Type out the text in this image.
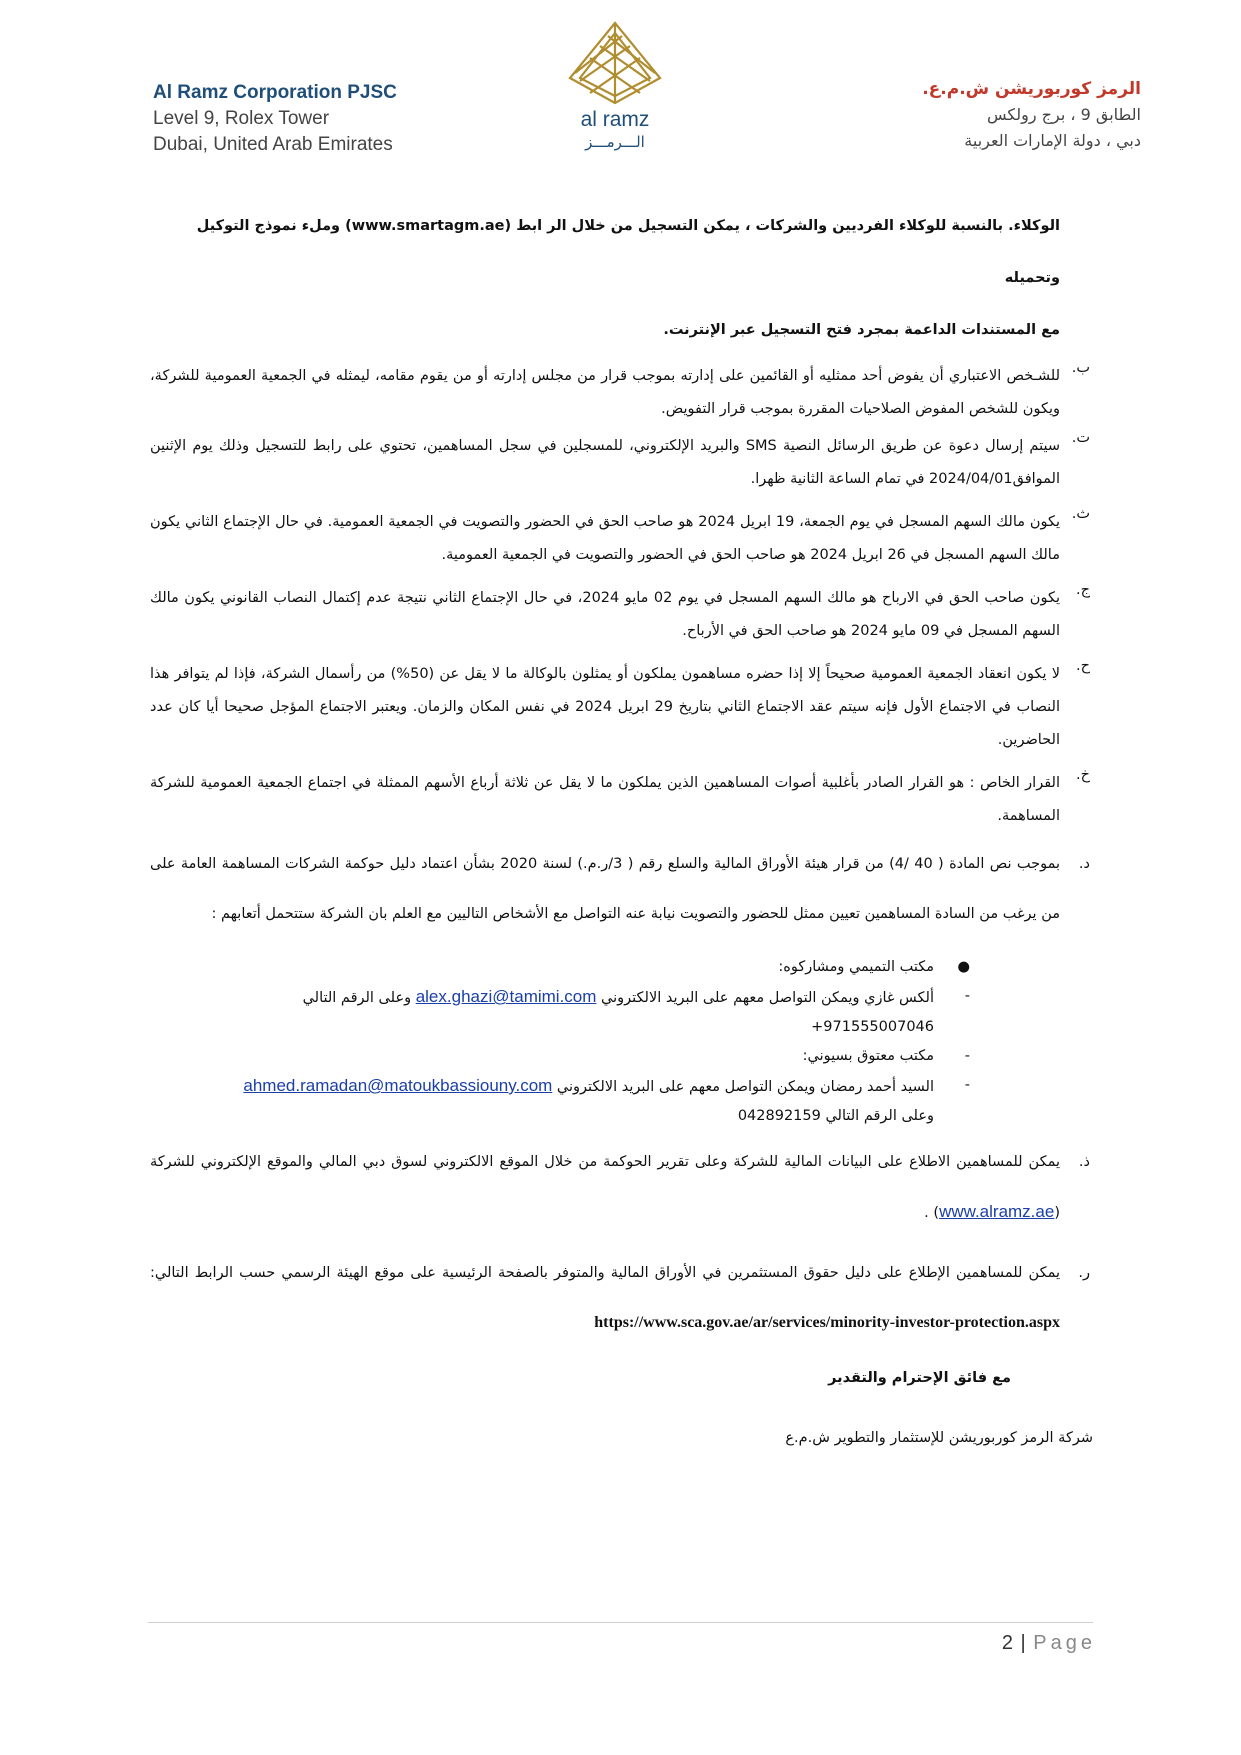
Al Ramz Corporation PJSC
Level 9, Rolex Tower
Dubai, United Arab Emirates
al ramz
الـــرمـــز
الرمز كوربوريشن ش.م.ع.
الطابق 9 ، برج رولكس
دبي ، دولة الإمارات العربية

الوكلاء. بالنسبة للوكلاء الفرديين والشركات ، يمكن التسجيل من خلال الر ابط (www.smartagm.ae) وملء نموذج التوكيل وتحميله

مع المستندات الداعمة بمجرد فتح التسجيل عبر الإنترنت.

ب.

للشـخص الاعتباري أن يفوض أحد ممثليه أو القائمين على إدارته بموجب قرار من مجلس إدارته أو من يقوم مقامه، ليمثله في الجمعية العمومية للشركة، ويكون للشخص المفوض الصلاحيات المقررة بموجب قرار التفويض.

ت.

سيتم إرسال دعوة عن طريق الرسائل النصية SMS والبريد الإلكتروني، للمسجلين في سجل المساهمين، تحتوي على رابط للتسجيل وذلك يوم الإثنين الموافق2024/04/01 في تمام الساعة الثانية ظهرا.

ث.

يكون مالك السهم المسجل في يوم الجمعة، 19 ابريل 2024 هو صاحب الحق في الحضور والتصويت في الجمعية العمومية. في حال الإجتماع الثاني يكون مالك السهم المسجل في 26 ابريل 2024 هو صاحب الحق في الحضور والتصويت في الجمعية العمومية.

ج.

يكون صاحب الحق في الارباح هو مالك السهم المسجل في يوم 02 مايو 2024، في حال الإجتماع الثاني نتيجة عدم إكتمال النصاب القانوني يكون مالك السهم المسجل في 09 مايو 2024 هو صاحب الحق في الأرباح.

ح.

لا يكون انعقاد الجمعية العمومية صحيحاً إلا إذا حضره مساهمون يملكون أو يمثلون بالوكالة ما لا يقل عن (50%) من رأسمال الشركة، فإذا لم يتوافر هذا النصاب في الاجتماع الأول فإنه سيتم عقد الاجتماع الثاني بتاريخ 29 ابريل 2024 في نفس المكان والزمان. ويعتبر الاجتماع المؤجل صحيحا أيا كان عدد الحاضرين.

خ.

القرار الخاص : هو القرار الصادر بأغلبية أصوات المساهمين الذين يملكون ما لا يقل عن ثلاثة أرباع الأسهم الممثلة في اجتماع الجمعية العمومية للشركة المساهمة.

د.

بموجب نص المادة ( 40 /4) من قرار هيئة الأوراق المالية والسلع رقم ( 3/ر.م.) لسنة 2020 بشأن اعتماد دليل حوكمة الشركات المساهمة العامة على من يرغب من السادة المساهمين تعيين ممثل للحضور والتصويت نيابة عنه التواصل مع الأشخاص التاليين مع العلم بان الشركة ستتحمل أتعابهم :

●
مكتب التميمي ومشاركوه:
-
ألكس غازي ويمكن التواصل معهم على البريد الالكتروني alex.ghazi@tamimi.com وعلى الرقم التالي
+971555007046
-
مكتب معتوق بسيوني:
-
السيد أحمد رمضان ويمكن التواصل معهم على البريد الالكتروني ahmed.ramadan@matoukbassiouny.com
وعلى الرقم التالي 042892159
ذ.

يمكن للمساهمين الاطلاع على البيانات المالية للشركة وعلى تقرير الحوكمة من خلال الموقع الالكتروني لسوق دبي المالي والموقع الإلكتروني للشركة (www.alramz.ae) .

ر.

يمكن للمساهمين الإطلاع على دليل حقوق المستثمرين في الأوراق المالية والمتوفر بالصفحة الرئيسية على موقع الهيئة الرسمي حسب الرابط التالي: https://www.sca.gov.ae/ar/services/minority-investor-protection.aspx

مع فائق الإحترام والتقدير
شركة الرمز كوربوريشن للإستثمار والتطوير ش.م.ع
2 | Page
